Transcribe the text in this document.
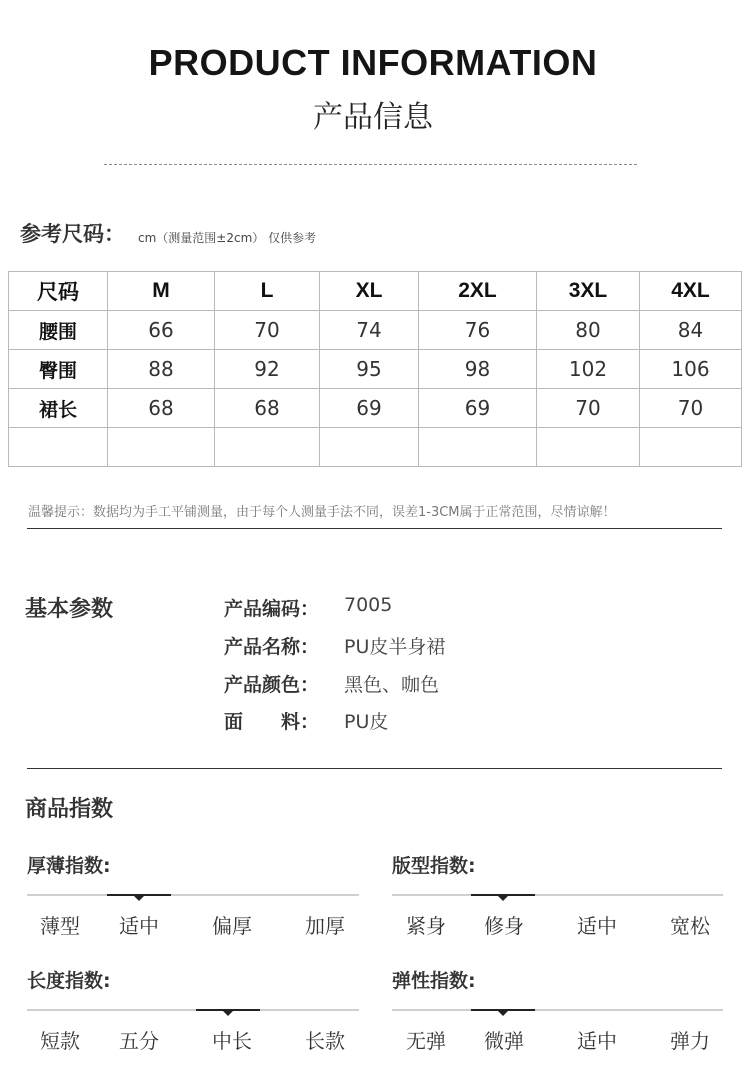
PRODUCT INFORMATION
产品信息
参考尺码： cm（测量范围±2cm） 仅供参考
尺码	M	L	XL	2XL	3XL	4XL
腰围	66	70	74	76	80	84
臀围	88	92	95	98	102	106
裙长	68	68	69	69	70	70

温馨提示：数据均为手工平铺测量，由于每个人测量手法不同，误差1-3CM属于正常范围，尽情谅解！
基本参数	产品编码： 7005
产品名称： PU皮半身裙
产品颜色： 黑色、咖色
面　　料： PU皮
商品指数
厚薄指数:
薄型	适中	偏厚	加厚
版型指数:
紧身	修身	适中	宽松
长度指数:
短款	五分	中长	长款
弹性指数:
无弹	微弹	适中	弹力
